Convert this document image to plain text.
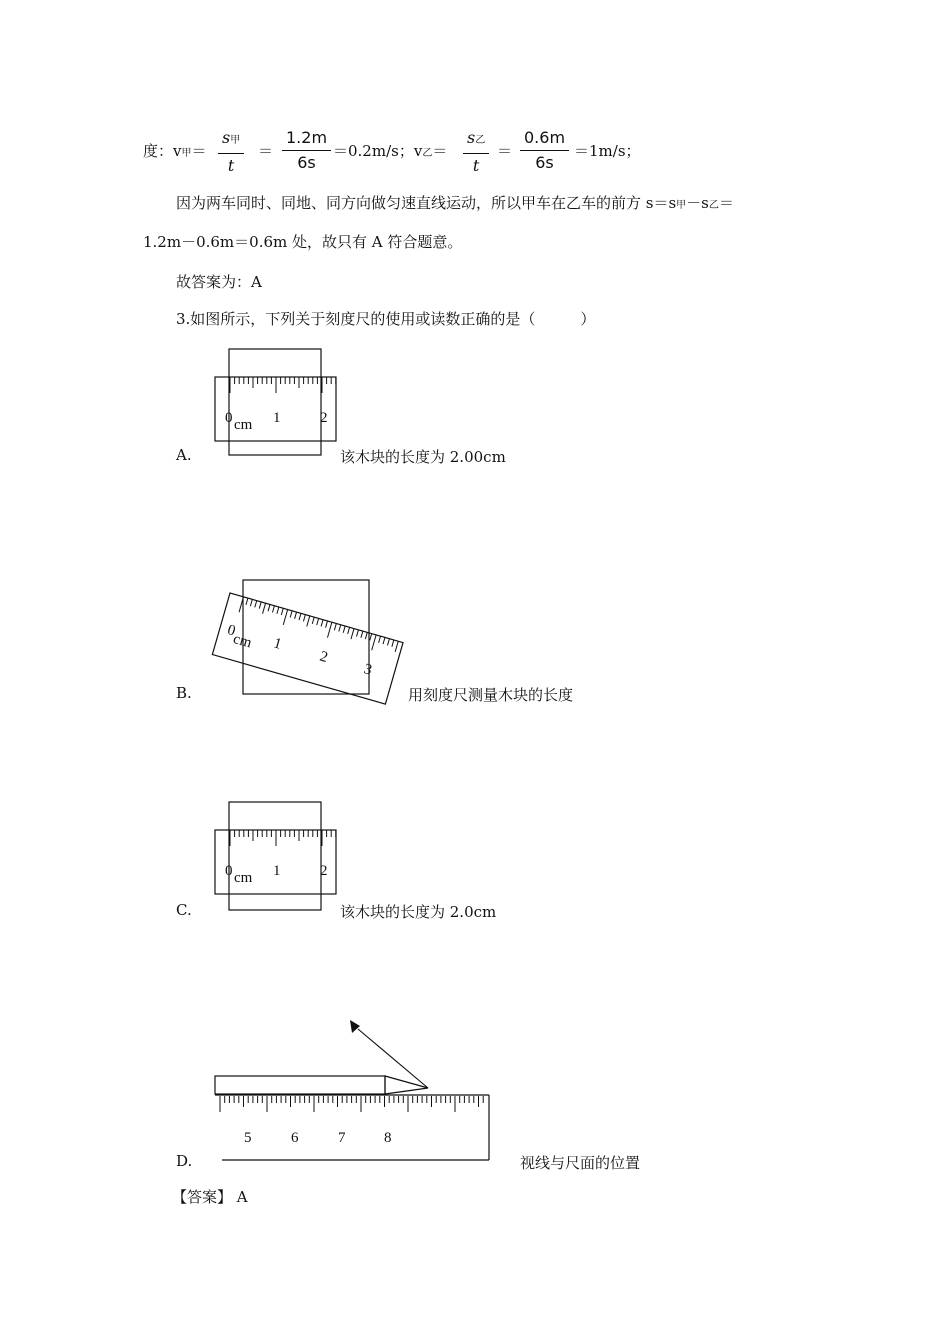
度：v甲＝
s甲
t
＝ $\frac{1.2m}{6s} =0.2m/s$；v乙＝
s乙
t
＝ $\frac{0.6m}{6s} =1m/s$；
因为两车同时、同地、同方向做匀速直线运动，所以甲车在乙车的前方 s＝s甲－s乙＝
1.2m－0.6m＝0.6m 处，故只有 A 符合题意。
故答案为：A
3.如图所示，下列关于刻度尺的使用或读数正确的是（　　　）
A.
0 cm 1	2
该木块的长度为 2.00cm
B.
0
cm 1
2
3
用刻度尺测量木块的长度
C.
0 cm 1	2
该木块的长度为 2.0cm
D.
5	6	7	8
视线与尺面的位置
【答案】 A
